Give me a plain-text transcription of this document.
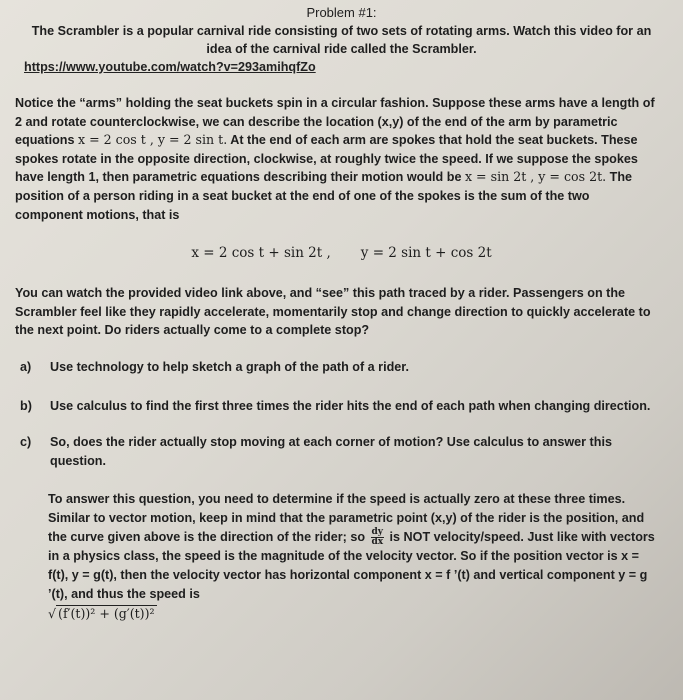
Problem #1:
The Scrambler is a popular carnival ride consisting of two sets of rotating arms. Watch this video for an idea of the carnival ride called the Scrambler.
https://www.youtube.com/watch?v=293amihqfZo
Notice the “arms” holding the seat buckets spin in a circular fashion. Suppose these arms have a length of 2 and rotate counterclockwise, we can describe the location (x,y) of the end of the arm by parametric equations x = 2 cos t , y = 2 sin t. At the end of each arm are spokes that hold the seat buckets. These spokes rotate in the opposite direction, clockwise, at roughly twice the speed. If we suppose the spokes have length 1, then parametric equations describing their motion would be x = sin 2t , y = cos 2t. The position of a person riding in a seat bucket at the end of one of the spokes is the sum of the two component motions, that is
x = 2 cos t + sin 2t , y = 2 sin t + cos 2t
You can watch the provided video link above, and “see” this path traced by a rider. Passengers on the Scrambler feel like they rapidly accelerate, momentarily stop and change direction to quickly accelerate to the next point. Do riders actually come to a complete stop?
a)	Use technology to help sketch a graph of the path of a rider.
b)	Use calculus to find the first three times the rider hits the end of each path when changing direction.
c)	So, does the rider actually stop moving at each corner of motion? Use calculus to answer this question.
To answer this question, you need to determine if the speed is actually zero at these three times. Similar to vector motion, keep in mind that the parametric point (x,y) of the rider is the position, and the curve given above is the direction of the rider; so $\frac{dy}{dx}$ is NOT velocity/speed. Just like with vectors in a physics class, the speed is the magnitude of the velocity vector. So if the position vector is x = f(t), y = g(t), then the velocity vector has horizontal component x = f ’(t) and vertical component y = g ’(t), and thus the speed is
√ (f′(t))² + (g′(t))²
